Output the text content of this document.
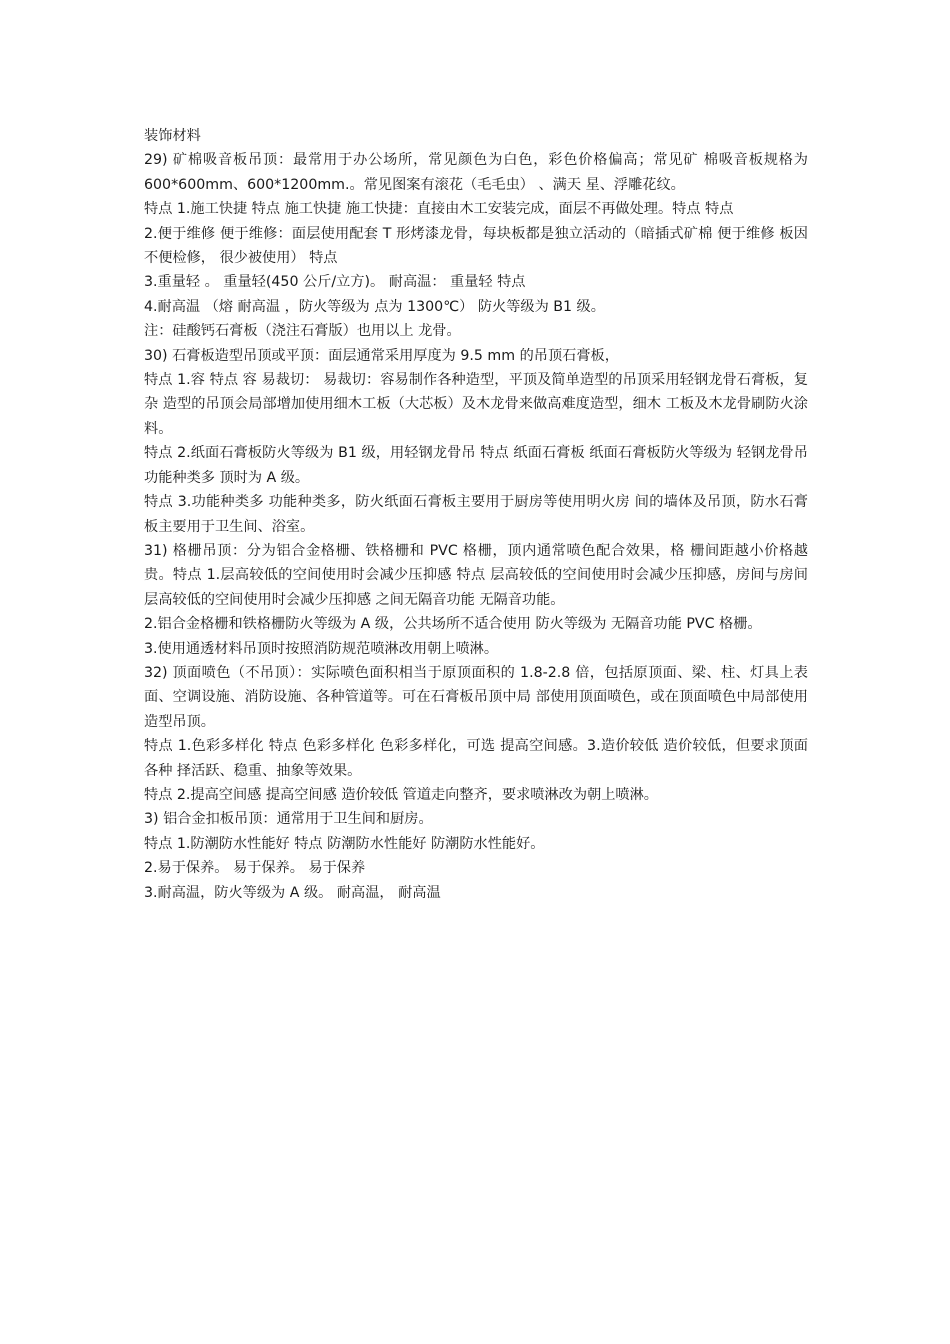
装饰材料

29) 矿棉吸音板吊顶：最常用于办公场所，常见颜色为白色，彩色价格偏高；常见矿 棉吸音板规格为 600*600mm、600*1200mm.。常见图案有滚花（毛毛虫） 、满天 星、浮雕花纹。

特点 1.施工快捷 特点 施工快捷 施工快捷：直接由木工安装完成，面层不再做处理。特点 特点

2.便于维修 便于维修：面层使用配套 T 形烤漆龙骨，每块板都是独立活动的（暗插式矿棉 便于维修 板因不便检修， 很少被使用） 特点

3.重量轻 。 重量轻(450 公斤/立方)。 耐高温： 重量轻 特点

4.耐高温 （熔 耐高温 ，防火等级为 点为 1300℃） 防火等级为 B1 级。

注：硅酸钙石膏板（浇注石膏版）也用以上 龙骨。

30) 石膏板造型吊顶或平顶：面层通常采用厚度为 9.5 mm 的吊顶石膏板，

特点 1.容 特点 容 易裁切： 易裁切：容易制作各种造型，平顶及简单造型的吊顶采用轻钢龙骨石膏板，复杂 造型的吊顶会局部增加使用细木工板（大芯板）及木龙骨来做高难度造型，细木 工板及木龙骨刷防火涂料。

特点 2.纸面石膏板防火等级为 B1 级，用轻钢龙骨吊 特点 纸面石膏板 纸面石膏板防火等级为 轻钢龙骨吊 功能种类多 顶时为 A 级。

特点 3.功能种类多 功能种类多，防火纸面石膏板主要用于厨房等使用明火房 间的墙体及吊顶，防水石膏板主要用于卫生间、浴室。

31) 格栅吊顶：分为铝合金格栅、铁格栅和 PVC 格栅，顶内通常喷色配合效果，格 栅间距越小价格越贵。特点 1.层高较低的空间使用时会减少压抑感 特点 层高较低的空间使用时会减少压抑感，房间与房间 层高较低的空间使用时会减少压抑感 之间无隔音功能 无隔音功能。

2.铝合金格栅和铁格栅防火等级为 A 级，公共场所不适合使用 防火等级为 无隔音功能 PVC 格栅。

3.使用通透材料吊顶时按照消防规范喷淋改用朝上喷淋。

32) 顶面喷色（不吊顶）：实际喷色面积相当于原顶面积的 1.8-2.8 倍，包括原顶面、梁、柱、灯具上表面、空调设施、消防设施、各种管道等。可在石膏板吊顶中局 部使用顶面喷色，或在顶面喷色中局部使用造型吊顶。

特点 1.色彩多样化 特点 色彩多样化 色彩多样化，可选 提高空间感。3.造价较低 造价较低，但要求顶面各种 择活跃、稳重、抽象等效果。

特点 2.提高空间感 提高空间感 造价较低 管道走向整齐，要求喷淋改为朝上喷淋。

3) 铝合金扣板吊顶：通常用于卫生间和厨房。

特点 1.防潮防水性能好 特点 防潮防水性能好 防潮防水性能好。

2.易于保养。 易于保养。 易于保养

3.耐高温，防火等级为 A 级。 耐高温， 耐高温
